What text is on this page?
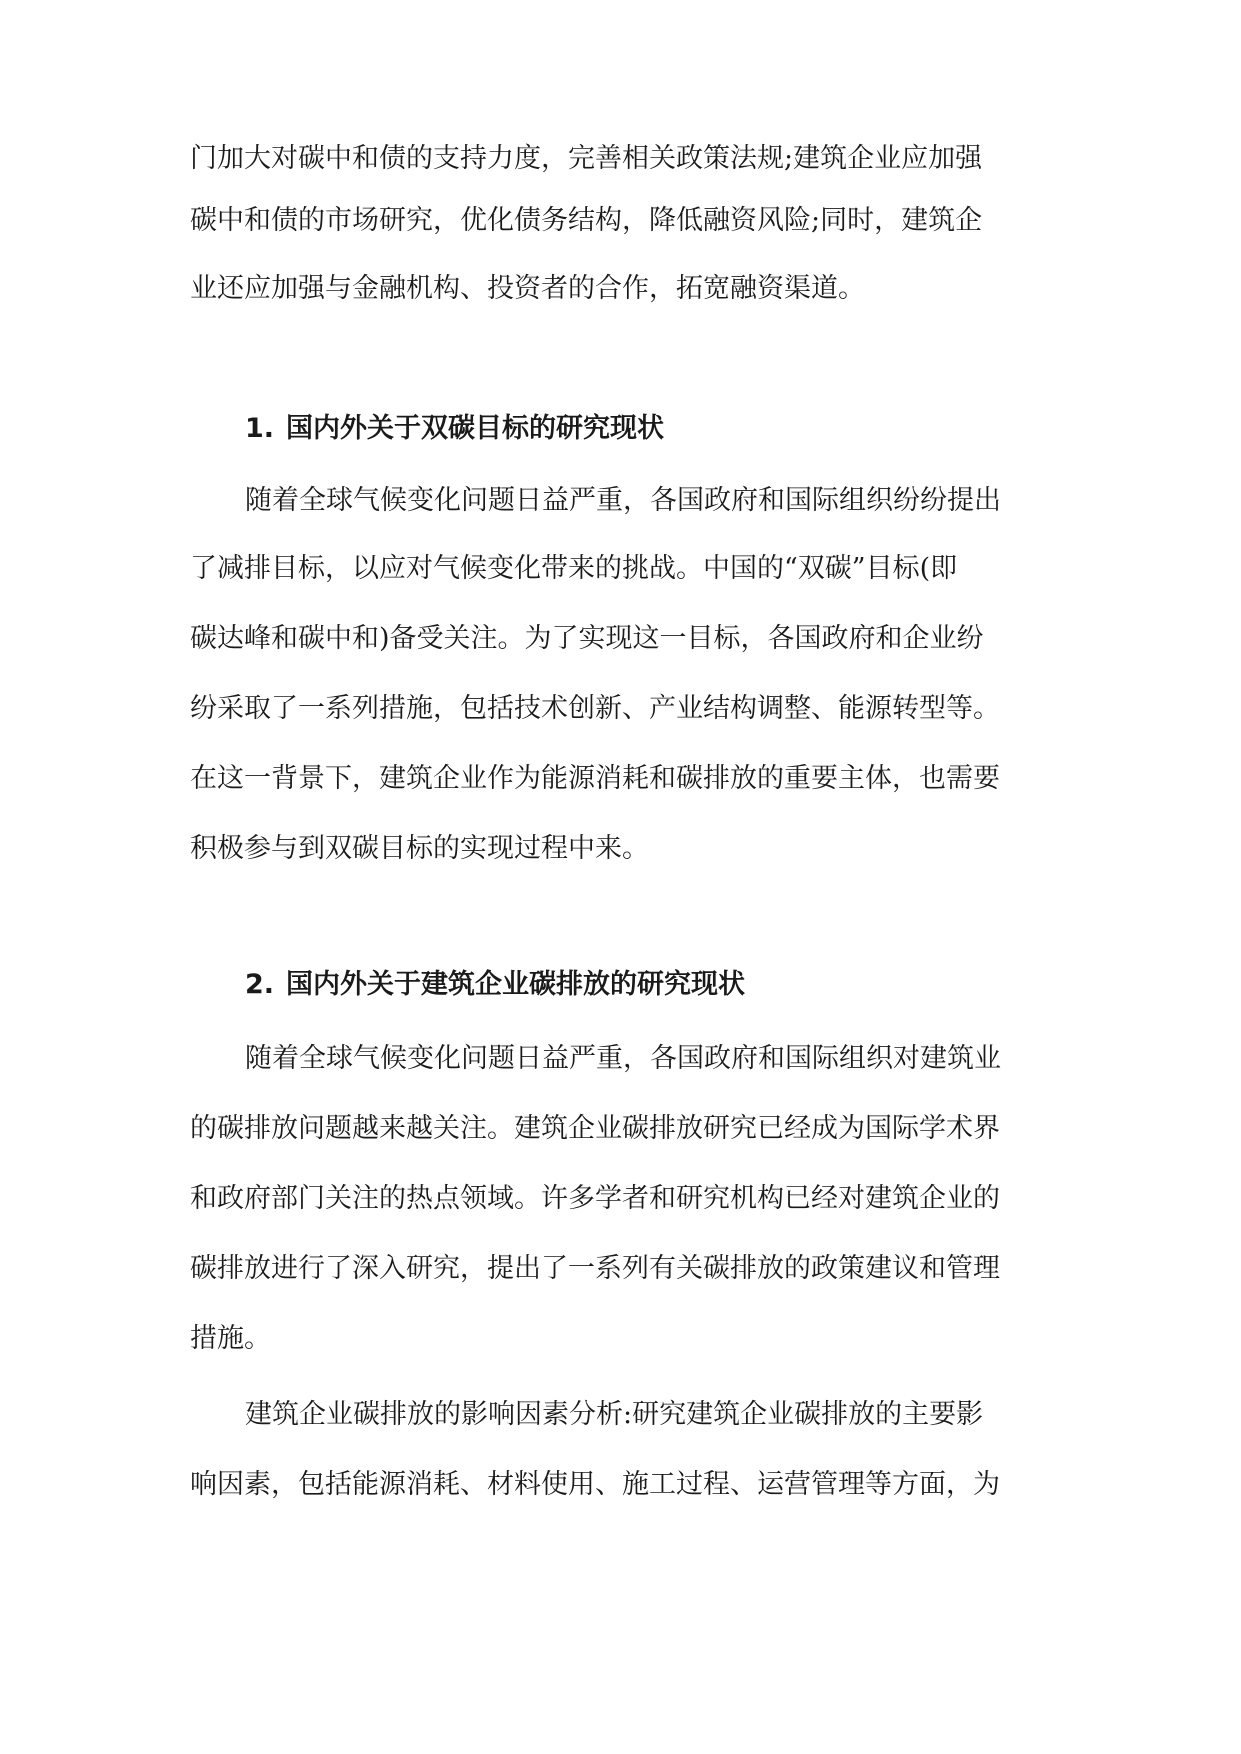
门加大对碳中和债的支持力度，完善相关政策法规;建筑企业应加强
碳中和债的市场研究，优化债务结构，降低融资风险;同时，建筑企
业还应加强与金融机构、投资者的合作，拓宽融资渠道。
1. 国内外关于双碳目标的研究现状
随着全球气候变化问题日益严重，各国政府和国际组织纷纷提出
了减排目标，以应对气候变化带来的挑战。中国的“双碳”目标(即
碳达峰和碳中和)备受关注。为了实现这一目标，各国政府和企业纷
纷采取了一系列措施，包括技术创新、产业结构调整、能源转型等。
在这一背景下，建筑企业作为能源消耗和碳排放的重要主体，也需要
积极参与到双碳目标的实现过程中来。
2. 国内外关于建筑企业碳排放的研究现状
随着全球气候变化问题日益严重，各国政府和国际组织对建筑业
的碳排放问题越来越关注。建筑企业碳排放研究已经成为国际学术界
和政府部门关注的热点领域。许多学者和研究机构已经对建筑企业的
碳排放进行了深入研究，提出了一系列有关碳排放的政策建议和管理
措施。
建筑企业碳排放的影响因素分析:研究建筑企业碳排放的主要影
响因素，包括能源消耗、材料使用、施工过程、运营管理等方面，为
